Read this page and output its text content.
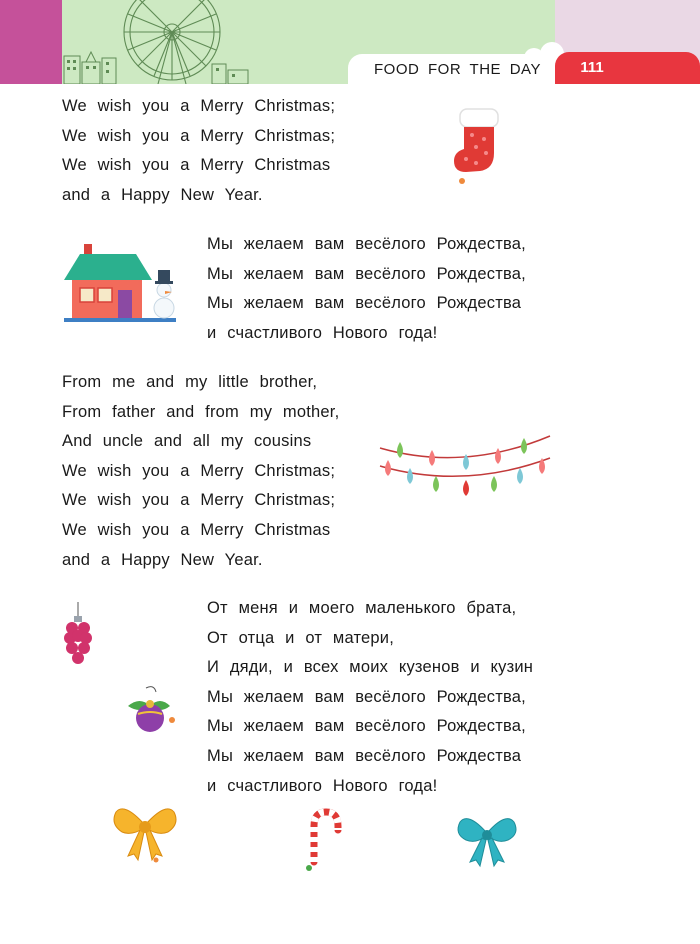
FOOD FOR THE DAY	111
We wish you a Merry Christmas;
We wish you a Merry Christmas;
We wish you a Merry Christmas
and a Happy New Year.
Мы желаем вам весёлого Рождества,
Мы желаем вам весёлого Рождества,
Мы желаем вам весёлого Рождества
и счастливого Нового года!
From me and my little brother,
From father and from my mother,
And uncle and all my cousins
We wish you a Merry Christmas;
We wish you a Merry Christmas;
We wish you a Merry Christmas
and a Happy New Year.
От меня и моего маленького брата,
От отца и от матери,
И дяди, и всех моих кузенов и кузин
Мы желаем вам весёлого Рождества,
Мы желаем вам весёлого Рождества,
Мы желаем вам весёлого Рождества
и счастливого Нового года!
